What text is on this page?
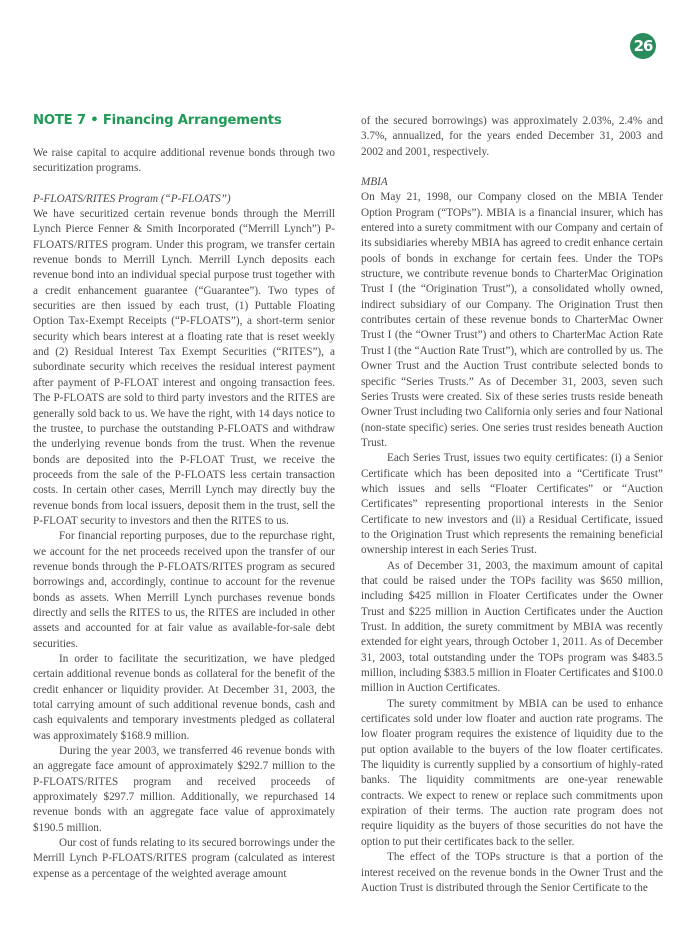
26
NOTE 7 • Financing Arrangements

We raise capital to acquire additional revenue bonds through two securitization programs.

P-FLOATS/RITES Program (“P-FLOATS”)

We have securitized certain revenue bonds through the Merrill Lynch Pierce Fenner & Smith Incorporated (“Merrill Lynch”) P-FLOATS/RITES program. Under this program, we transfer certain revenue bonds to Merrill Lynch. Merrill Lynch deposits each revenue bond into an individual special purpose trust together with a credit enhancement guarantee (“Guarantee”). Two types of securities are then issued by each trust, (1) Puttable Floating Option Tax-Exempt Receipts (“P-FLOATS”), a short-term senior security which bears interest at a floating rate that is reset weekly and (2) Residual Interest Tax Exempt Securities (“RITES”), a subordinate security which receives the residual interest payment after payment of P-FLOAT interest and ongoing transaction fees. The P-FLOATS are sold to third party investors and the RITES are generally sold back to us. We have the right, with 14 days notice to the trustee, to purchase the outstanding P-FLOATS and withdraw the underlying revenue bonds from the trust. When the revenue bonds are deposited into the P-FLOAT Trust, we receive the proceeds from the sale of the P-FLOATS less certain transaction costs. In certain other cases, Merrill Lynch may directly buy the revenue bonds from local issuers, deposit them in the trust, sell the P-FLOAT security to investors and then the RITES to us.

For financial reporting purposes, due to the repurchase right, we account for the net proceeds received upon the transfer of our revenue bonds through the P-FLOATS/RITES program as secured borrowings and, accordingly, continue to account for the revenue bonds as assets. When Merrill Lynch purchases revenue bonds directly and sells the RITES to us, the RITES are included in other assets and accounted for at fair value as available-for-sale debt securities.

In order to facilitate the securitization, we have pledged certain additional revenue bonds as collateral for the benefit of the credit enhancer or liquidity provider. At December 31, 2003, the total carrying amount of such additional revenue bonds, cash and cash equivalents and temporary investments pledged as collateral was approximately $168.9 million.

During the year 2003, we transferred 46 revenue bonds with an aggregate face amount of approximately $292.7 million to the P-FLOATS/RITES program and received proceeds of approximately $297.7 million. Additionally, we repurchased 14 revenue bonds with an aggregate face value of approximately $190.5 million.

Our cost of funds relating to its secured borrowings under the Merrill Lynch P-FLOATS/RITES program (calculated as interest expense as a percentage of the weighted average amount

of the secured borrowings) was approximately 2.03%, 2.4% and 3.7%, annualized, for the years ended December 31, 2003 and 2002 and 2001, respectively.

MBIA

On May 21, 1998, our Company closed on the MBIA Tender Option Program (“TOPs”). MBIA is a financial insurer, which has entered into a surety commitment with our Company and certain of its subsidiaries whereby MBIA has agreed to credit enhance certain pools of bonds in exchange for certain fees. Under the TOPs structure, we contribute revenue bonds to CharterMac Origination Trust I (the “Origination Trust”), a consolidated wholly owned, indirect subsidiary of our Company. The Origination Trust then contributes certain of these revenue bonds to CharterMac Owner Trust I (the “Owner Trust”) and others to CharterMac Action Rate Trust I (the “Auction Rate Trust”), which are controlled by us. The Owner Trust and the Auction Trust contribute selected bonds to specific “Series Trusts.” As of December 31, 2003, seven such Series Trusts were created. Six of these series trusts reside beneath Owner Trust including two California only series and four National (non-state specific) series. One series trust resides beneath Auction Trust.

Each Series Trust, issues two equity certificates: (i) a Senior Certificate which has been deposited into a “Certificate Trust” which issues and sells “Floater Certificates” or “Auction Certificates” representing proportional interests in the Senior Certificate to new investors and (ii) a Residual Certificate, issued to the Origination Trust which represents the remaining beneficial ownership interest in each Series Trust.

As of December 31, 2003, the maximum amount of capital that could be raised under the TOPs facility was $650 million, including $425 million in Floater Certificates under the Owner Trust and $225 million in Auction Certificates under the Auction Trust. In addition, the surety commitment by MBIA was recently extended for eight years, through October 1, 2011. As of December 31, 2003, total outstanding under the TOPs program was $483.5 million, including $383.5 million in Floater Certificates and $100.0 million in Auction Certificates.

The surety commitment by MBIA can be used to enhance certificates sold under low floater and auction rate programs. The low floater program requires the existence of liquidity due to the put option available to the buyers of the low floater certificates. The liquidity is currently supplied by a consortium of highly-rated banks. The liquidity commitments are one-year renewable contracts. We expect to renew or replace such commitments upon expiration of their terms. The auction rate program does not require liquidity as the buyers of those securities do not have the option to put their certificates back to the seller.

The effect of the TOPs structure is that a portion of the interest received on the revenue bonds in the Owner Trust and the Auction Trust is distributed through the Senior Certificate to the
